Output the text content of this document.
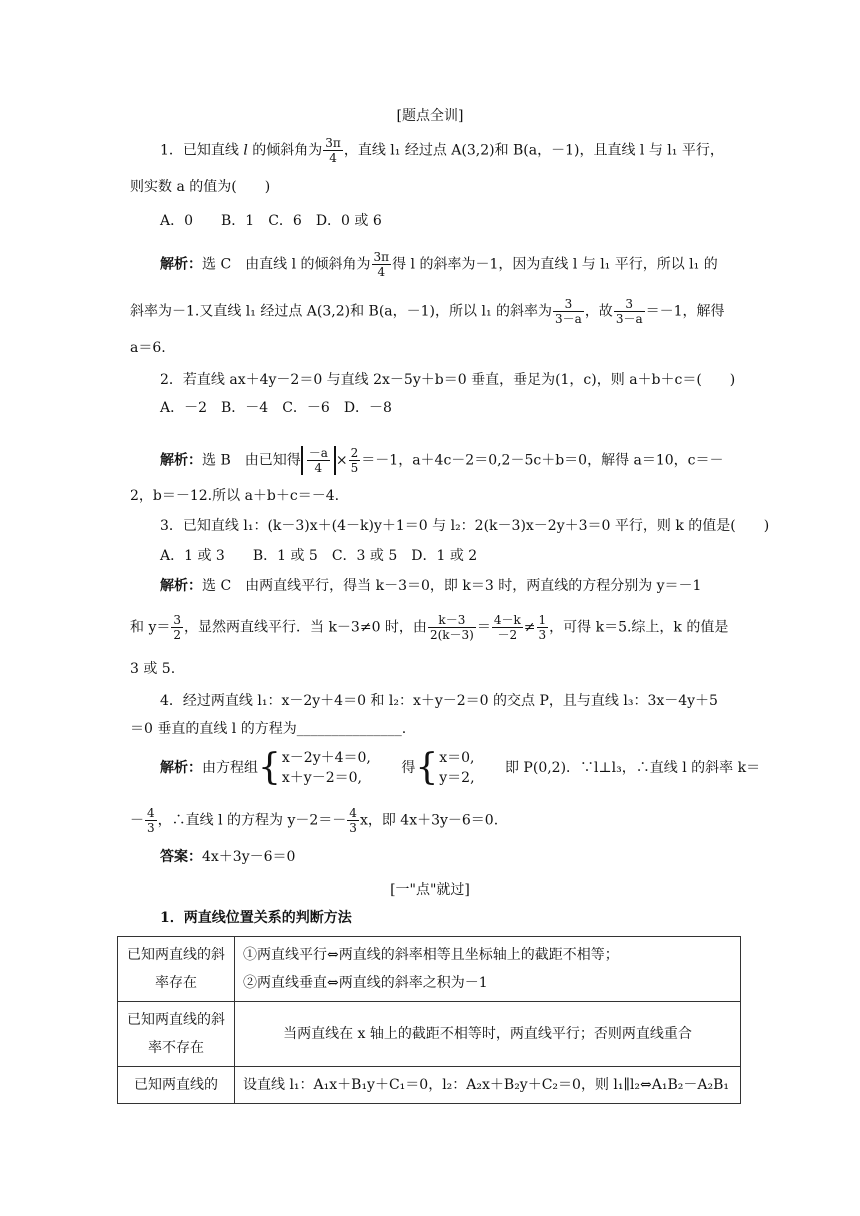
[题点全训]
1．已知直线 l 的倾斜角为 $\frac{3\pi}{4}$ ，直线 l₁ 经过点 A(3,2)和 B(a，－1)，且直线 l 与 l₁ 平行，
则实数 a 的值为(　　)
A．0　　B．1　C．6　D．0 或 6
解析：选 C　由直线 l 的倾斜角为 $\frac{3\pi}{4}$ 得 l 的斜率为－1，因为直线 l 与 l₁ 平行，所以 l₁ 的
斜率为－1.又直线 l₁ 经过点 A(3,2)和 B(a，－1)，所以 l₁ 的斜率为 $\frac{3}{3-a}$ ，故 $\frac{3}{3-a} =-1$，解得
a＝6.
2．若直线 ax＋4y－2＝0 与直线 2x－5y＋b＝0 垂直，垂足为(1，c)，则 a＋b＋c＝(　　)
A．－2　B．－4　C．－6　D．－8
解析：选 B　由已知得 $\frac{-a}{4} \times \frac{2}{5} =-1$，a＋4c－2＝0,2－5c＋b＝0，解得 a＝10，c＝－
2，b＝－12.所以 a＋b＋c＝－4.
3．已知直线 l₁：(k－3)x＋(4－k)y＋1＝0 与 l₂：2(k－3)x－2y＋3＝0 平行，则 k 的值是(　　)
A．1 或 3　　B．1 或 5　C．3 或 5　D．1 或 2
解析：选 C　由两直线平行，得当 k－3＝0，即 k＝3 时，两直线的方程分别为 y＝－1
和 $y= \frac{3}{2}$ ，显然两直线平行．当 k－3≠0 时，由 $\frac{k-3}{2(k-3)} = \frac{4-k}{-2} \ne \frac{1}{3}$ ，可得 k＝5.综上，k 的值是
3 或 5.
4．经过两直线 l₁：x－2y＋4＝0 和 l₂：x＋y－2＝0 的交点 P，且与直线 l₃：3x－4y＋5
＝0 垂直的直线 l 的方程为_______________.
解析：由方程组{ x－2y＋4＝0,
x＋y－2＝0,
得{ x＝0,
y＝2,
即 P(0,2)．∵l⊥l₃，∴直线 l 的斜率 k＝
－ $\frac{4}{3}$ ，∴直线 l 的方程为 $y-2=- \frac{4}{3}$ x，即 4x＋3y－6＝0.
答案：4x＋3y－6＝0
[一"点"就过]
1．两直线位置关系的判断方法
已知两直线的斜率存在	①两直线平行⇔两直线的斜率相等且坐标轴上的截距不相等；
②两直线垂直⇔两直线的斜率之积为－1

已知两直线的斜率不存在	当两直线在 x 轴上的截距不相等时，两直线平行；否则两直线重合
已知两直线的	设直线 l₁：A₁x＋B₁y＋C₁＝0，l₂：A₂x＋B₂y＋C₂＝0，则 l₁∥l₂⇔A₁B₂－A₂B₁
